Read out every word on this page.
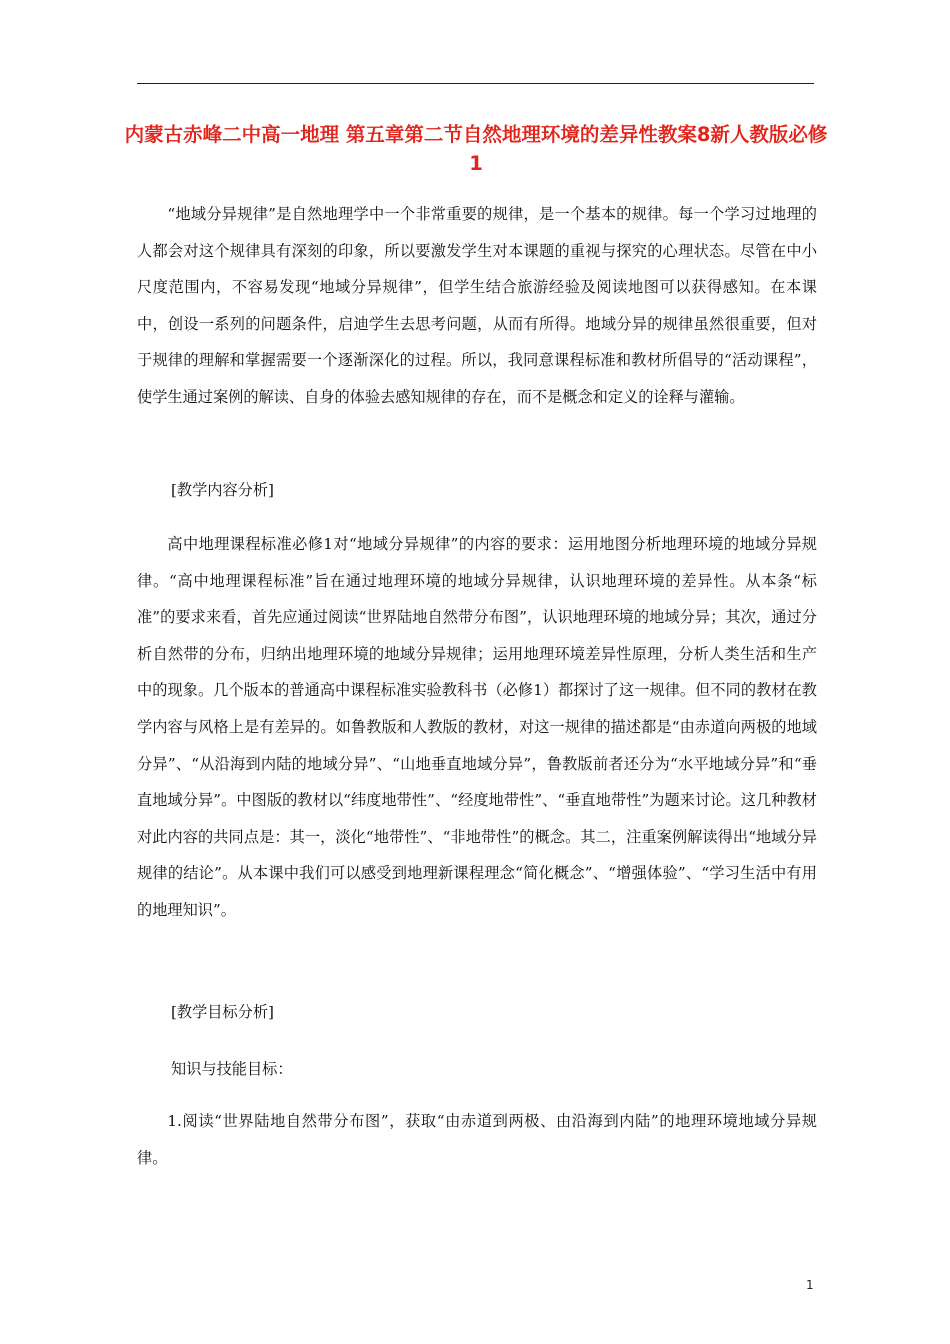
内蒙古赤峰二中高一地理 第五章第二节自然地理环境的差异性教案8新人教版必修1

“地域分异规律”是自然地理学中一个非常重要的规律，是一个基本的规律。每一个学习过地理的人都会对这个规律具有深刻的印象，所以要激发学生对本课题的重视与探究的心理状态。尽管在中小尺度范围内，不容易发现“地域分异规律”，但学生结合旅游经验及阅读地图可以获得感知。在本课中，创设一系列的问题条件，启迪学生去思考问题，从而有所得。地域分异的规律虽然很重要，但对于规律的理解和掌握需要一个逐渐深化的过程。所以，我同意课程标准和教材所倡导的“活动课程”，使学生通过案例的解读、自身的体验去感知规律的存在，而不是概念和定义的诠释与灌输。

[教学内容分析]

高中地理课程标准必修1对“地域分异规律”的内容的要求：运用地图分析地理环境的地域分异规律。“高中地理课程标准”旨在通过地理环境的地域分异规律，认识地理环境的差异性。从本条“标准”的要求来看，首先应通过阅读“世界陆地自然带分布图”，认识地理环境的地域分异；其次，通过分析自然带的分布，归纳出地理环境的地域分异规律；运用地理环境差异性原理，分析人类生活和生产中的现象。几个版本的普通高中课程标准实验教科书（必修1）都探讨了这一规律。但不同的教材在教学内容与风格上是有差异的。如鲁教版和人教版的教材，对这一规律的描述都是“由赤道向两极的地域分异”、“从沿海到内陆的地域分异”、“山地垂直地域分异”，鲁教版前者还分为“水平地域分异”和“垂直地域分异”。中图版的教材以“纬度地带性”、“经度地带性”、“垂直地带性”为题来讨论。这几种教材对此内容的共同点是：其一，淡化“地带性”、“非地带性”的概念。其二，注重案例解读得出“地域分异规律的结论”。从本课中我们可以感受到地理新课程理念“简化概念”、“增强体验”、“学习生活中有用的地理知识”。

[教学目标分析]

知识与技能目标：

1.阅读“世界陆地自然带分布图”，获取“由赤道到两极、由沿海到内陆”的地理环境地域分异规律。

1
